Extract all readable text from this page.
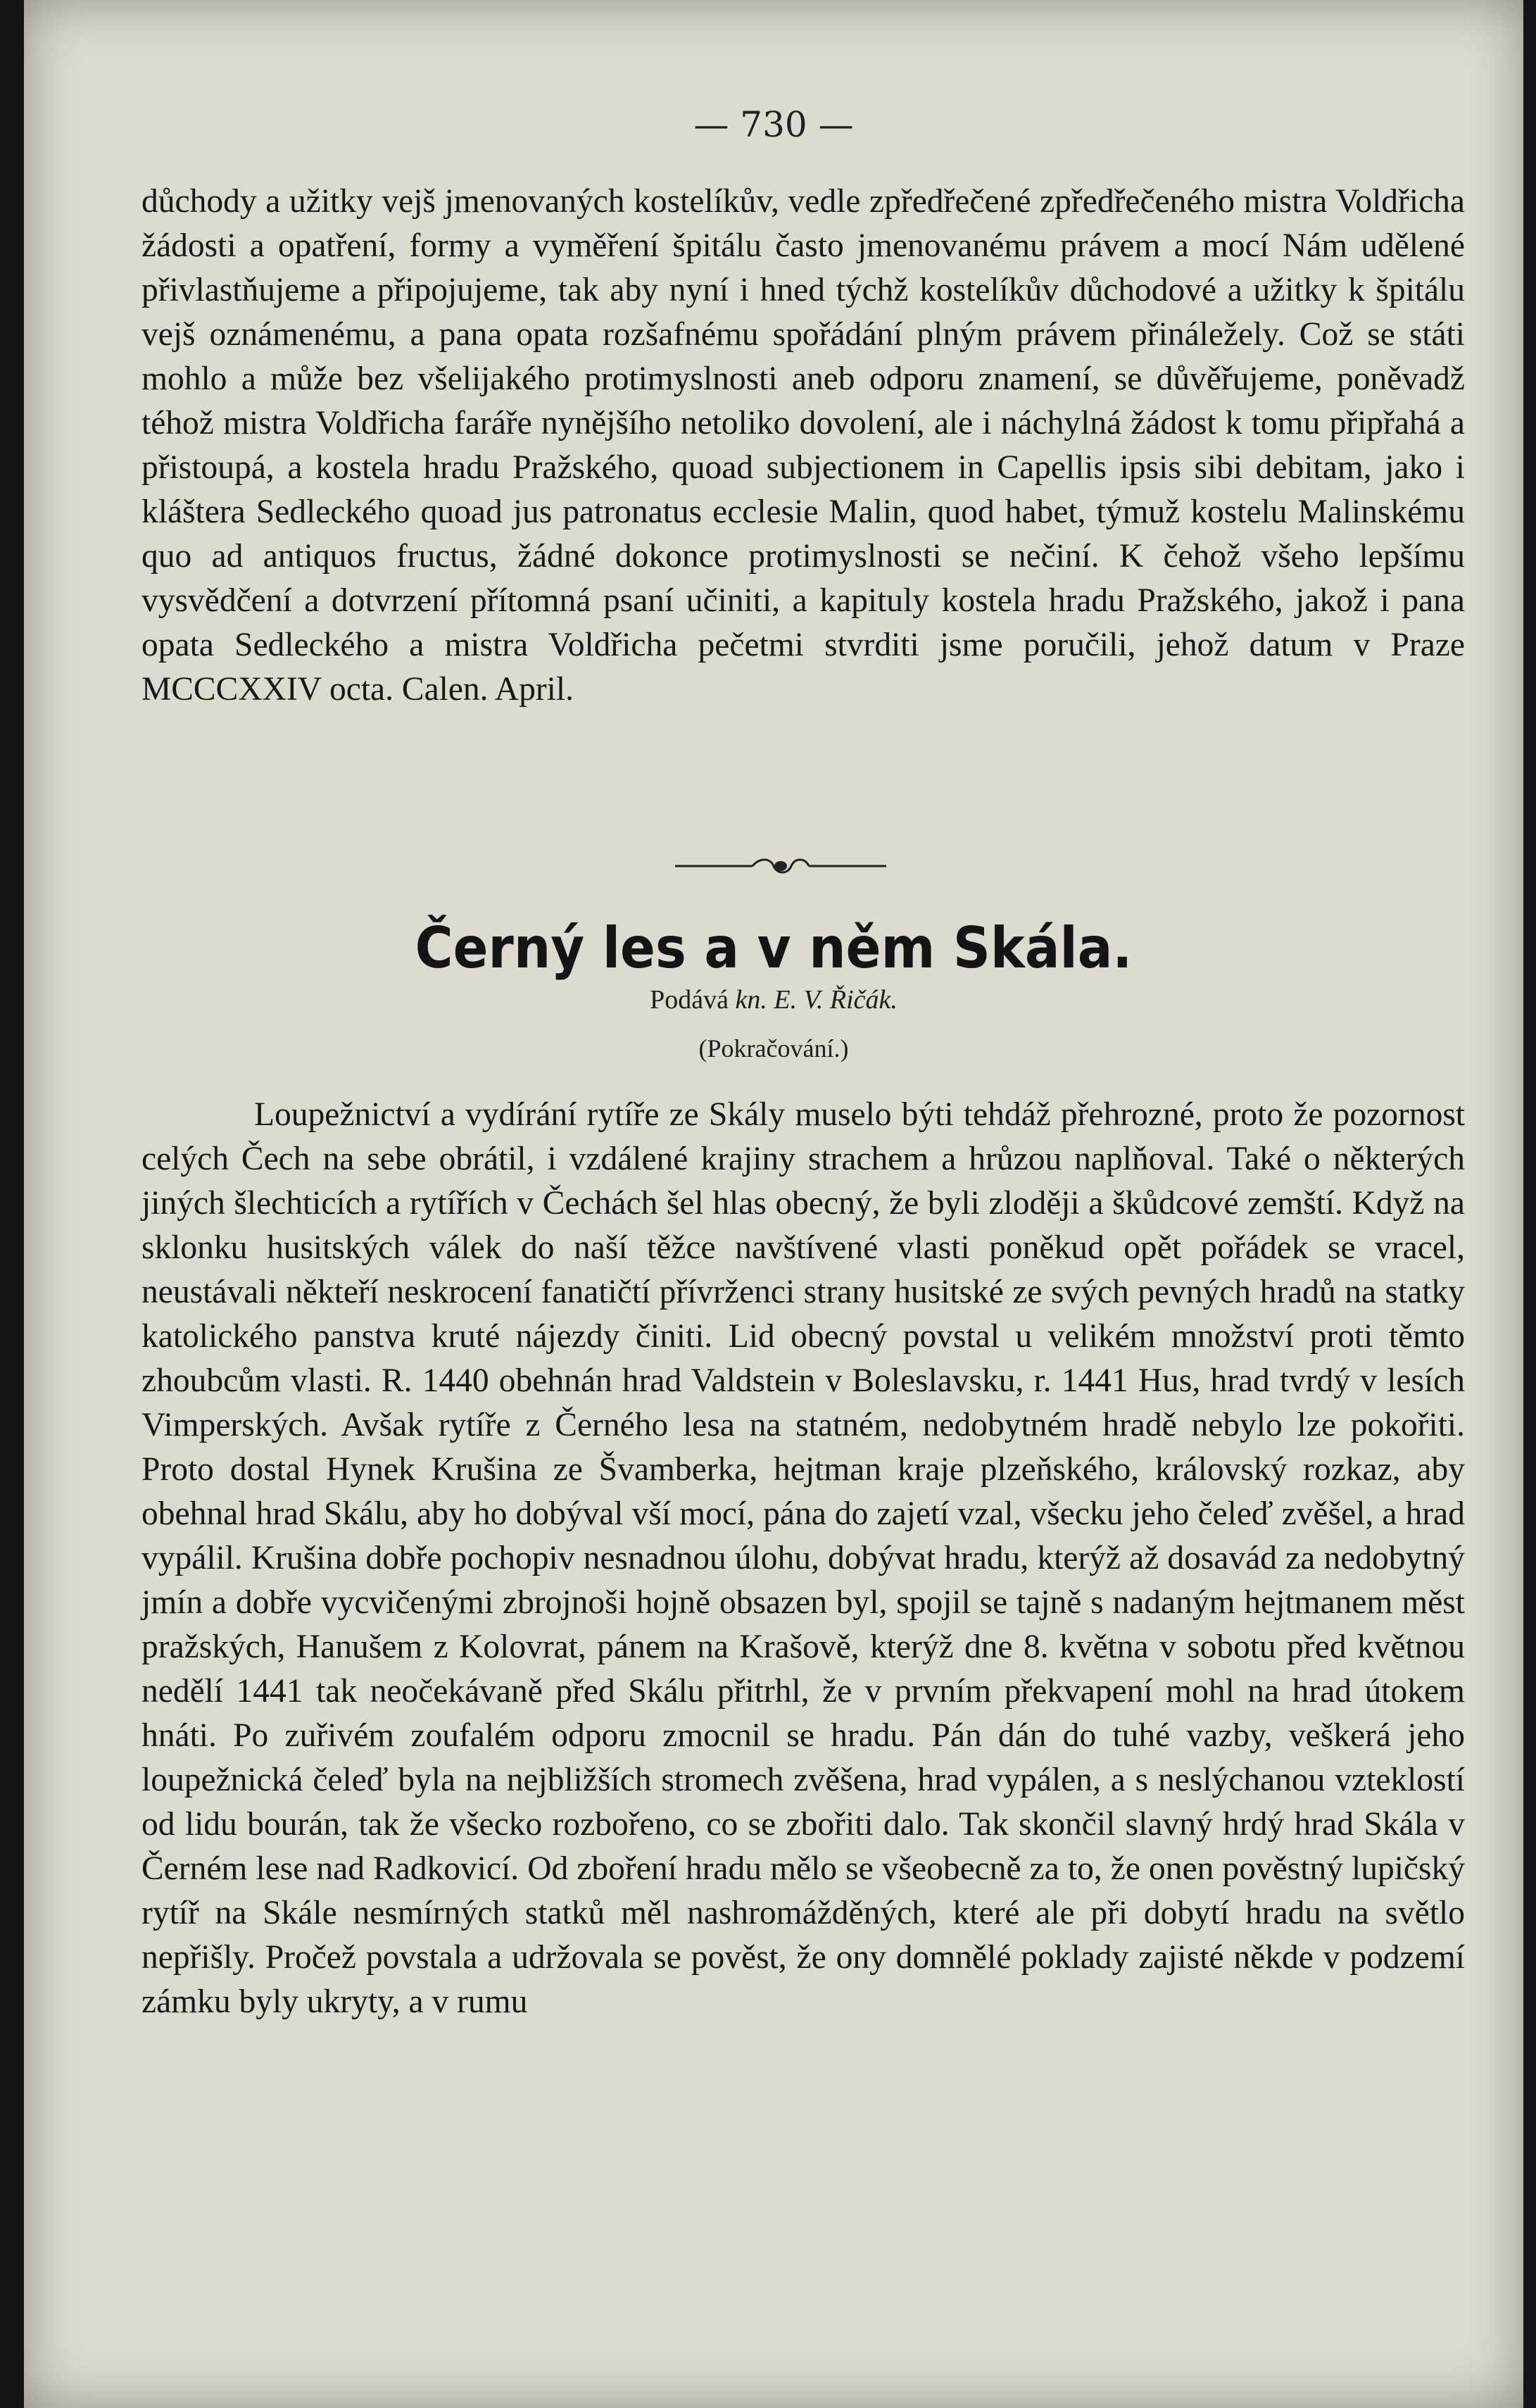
— 730 —

důchody a užitky vejš jmenovaných kostelíkův, vedle zpředřečené zpředřečeného mistra Voldřicha žádosti a opatření, formy a vyměření špitálu často jmenovanému právem a mocí Nám udělené přivlastňujeme a připojujeme, tak aby nyní i hned týchž kostelíkův důchodové a užitky k špitálu vejš oznámenému, a pana opata rozšafnému spořádání plným právem přináležely. Což se státi mohlo a může bez všelijakého protimyslnosti aneb odporu znamení, se důvěřujeme, poněvadž téhož mistra Voldřicha faráře nynějšího netoliko dovolení, ale i náchylná žádost k tomu připřahá a přistoupá, a kostela hradu Pražského, quoad subjectionem in Capellis ipsis sibi debitam, jako i kláštera Sedleckého quoad jus patronatus ecclesie Malin, quod habet, týmuž kostelu Malinskému quo ad antiquos fructus, žádné dokonce protimyslnosti se nečiní. K čehož všeho lepšímu vysvědčení a dotvrzení přítomná psaní učiniti, a kapituly kostela hradu Pražského, jakož i pana opata Sedleckého a mistra Voldřicha pečetmi stvrditi jsme poručili, jehož datum v Praze MCCCXXIV octa. Calen. April.

Černý les a v něm Skála.
Podává kn. E. V. Řičák.
(Pokračování.)

Loupežnictví a vydírání rytíře ze Skály muselo býti tehdáž přehrozné, proto že pozornost celých Čech na sebe obrátil, i vzdálené krajiny strachem a hrůzou naplňoval. Také o některých jiných šlechticích a rytířích v Čechách šel hlas obecný, že byli zloději a škůdcové zemští. Když na sklonku husitských válek do naší těžce navštívené vlasti poněkud opět pořádek se vracel, neustávali někteří neskrocení fanatičtí přívrženci strany husitské ze svých pevných hradů na statky katolického panstva kruté nájezdy činiti. Lid obecný povstal u velikém množství proti těmto zhoubcům vlasti. R. 1440 obehnán hrad Valdstein v Boleslavsku, r. 1441 Hus, hrad tvrdý v lesích Vimperských. Avšak rytíře z Černého lesa na statném, nedobytném hradě nebylo lze pokořiti. Proto dostal Hynek Krušina ze Švamberka, hejtman kraje plzeňského, královský rozkaz, aby obehnal hrad Skálu, aby ho dobýval vší mocí, pána do zajetí vzal, všecku jeho čeleď zvěšel, a hrad vypálil. Krušina dobře pochopiv nesnadnou úlohu, dobývat hradu, kterýž až dosavád za nedobytný jmín a dobře vycvičenými zbrojnoši hojně obsazen byl, spojil se tajně s nadaným hejtmanem měst pražských, Hanušem z Kolovrat, pánem na Krašově, kterýž dne 8. května v sobotu před květnou nedělí 1441 tak neočekávaně před Skálu přitrhl, že v prvním překvapení mohl na hrad útokem hnáti. Po zuřivém zoufalém odporu zmocnil se hradu. Pán dán do tuhé vazby, veškerá jeho loupežnická čeleď byla na nejbližších stromech zvěšena, hrad vypálen, a s neslýchanou vzteklostí od lidu bourán, tak že všecko rozbořeno, co se zbořiti dalo. Tak skončil slavný hrdý hrad Skála v Černém lese nad Radkovicí. Od zboření hradu mělo se všeobecně za to, že onen pověstný lupičský rytíř na Skále nesmírných statků měl nashromážděných, které ale při dobytí hradu na světlo nepřišly. Pročež povstala a udržovala se pověst, že ony domnělé poklady zajisté někde v podzemí zámku byly ukryty, a v rumu
